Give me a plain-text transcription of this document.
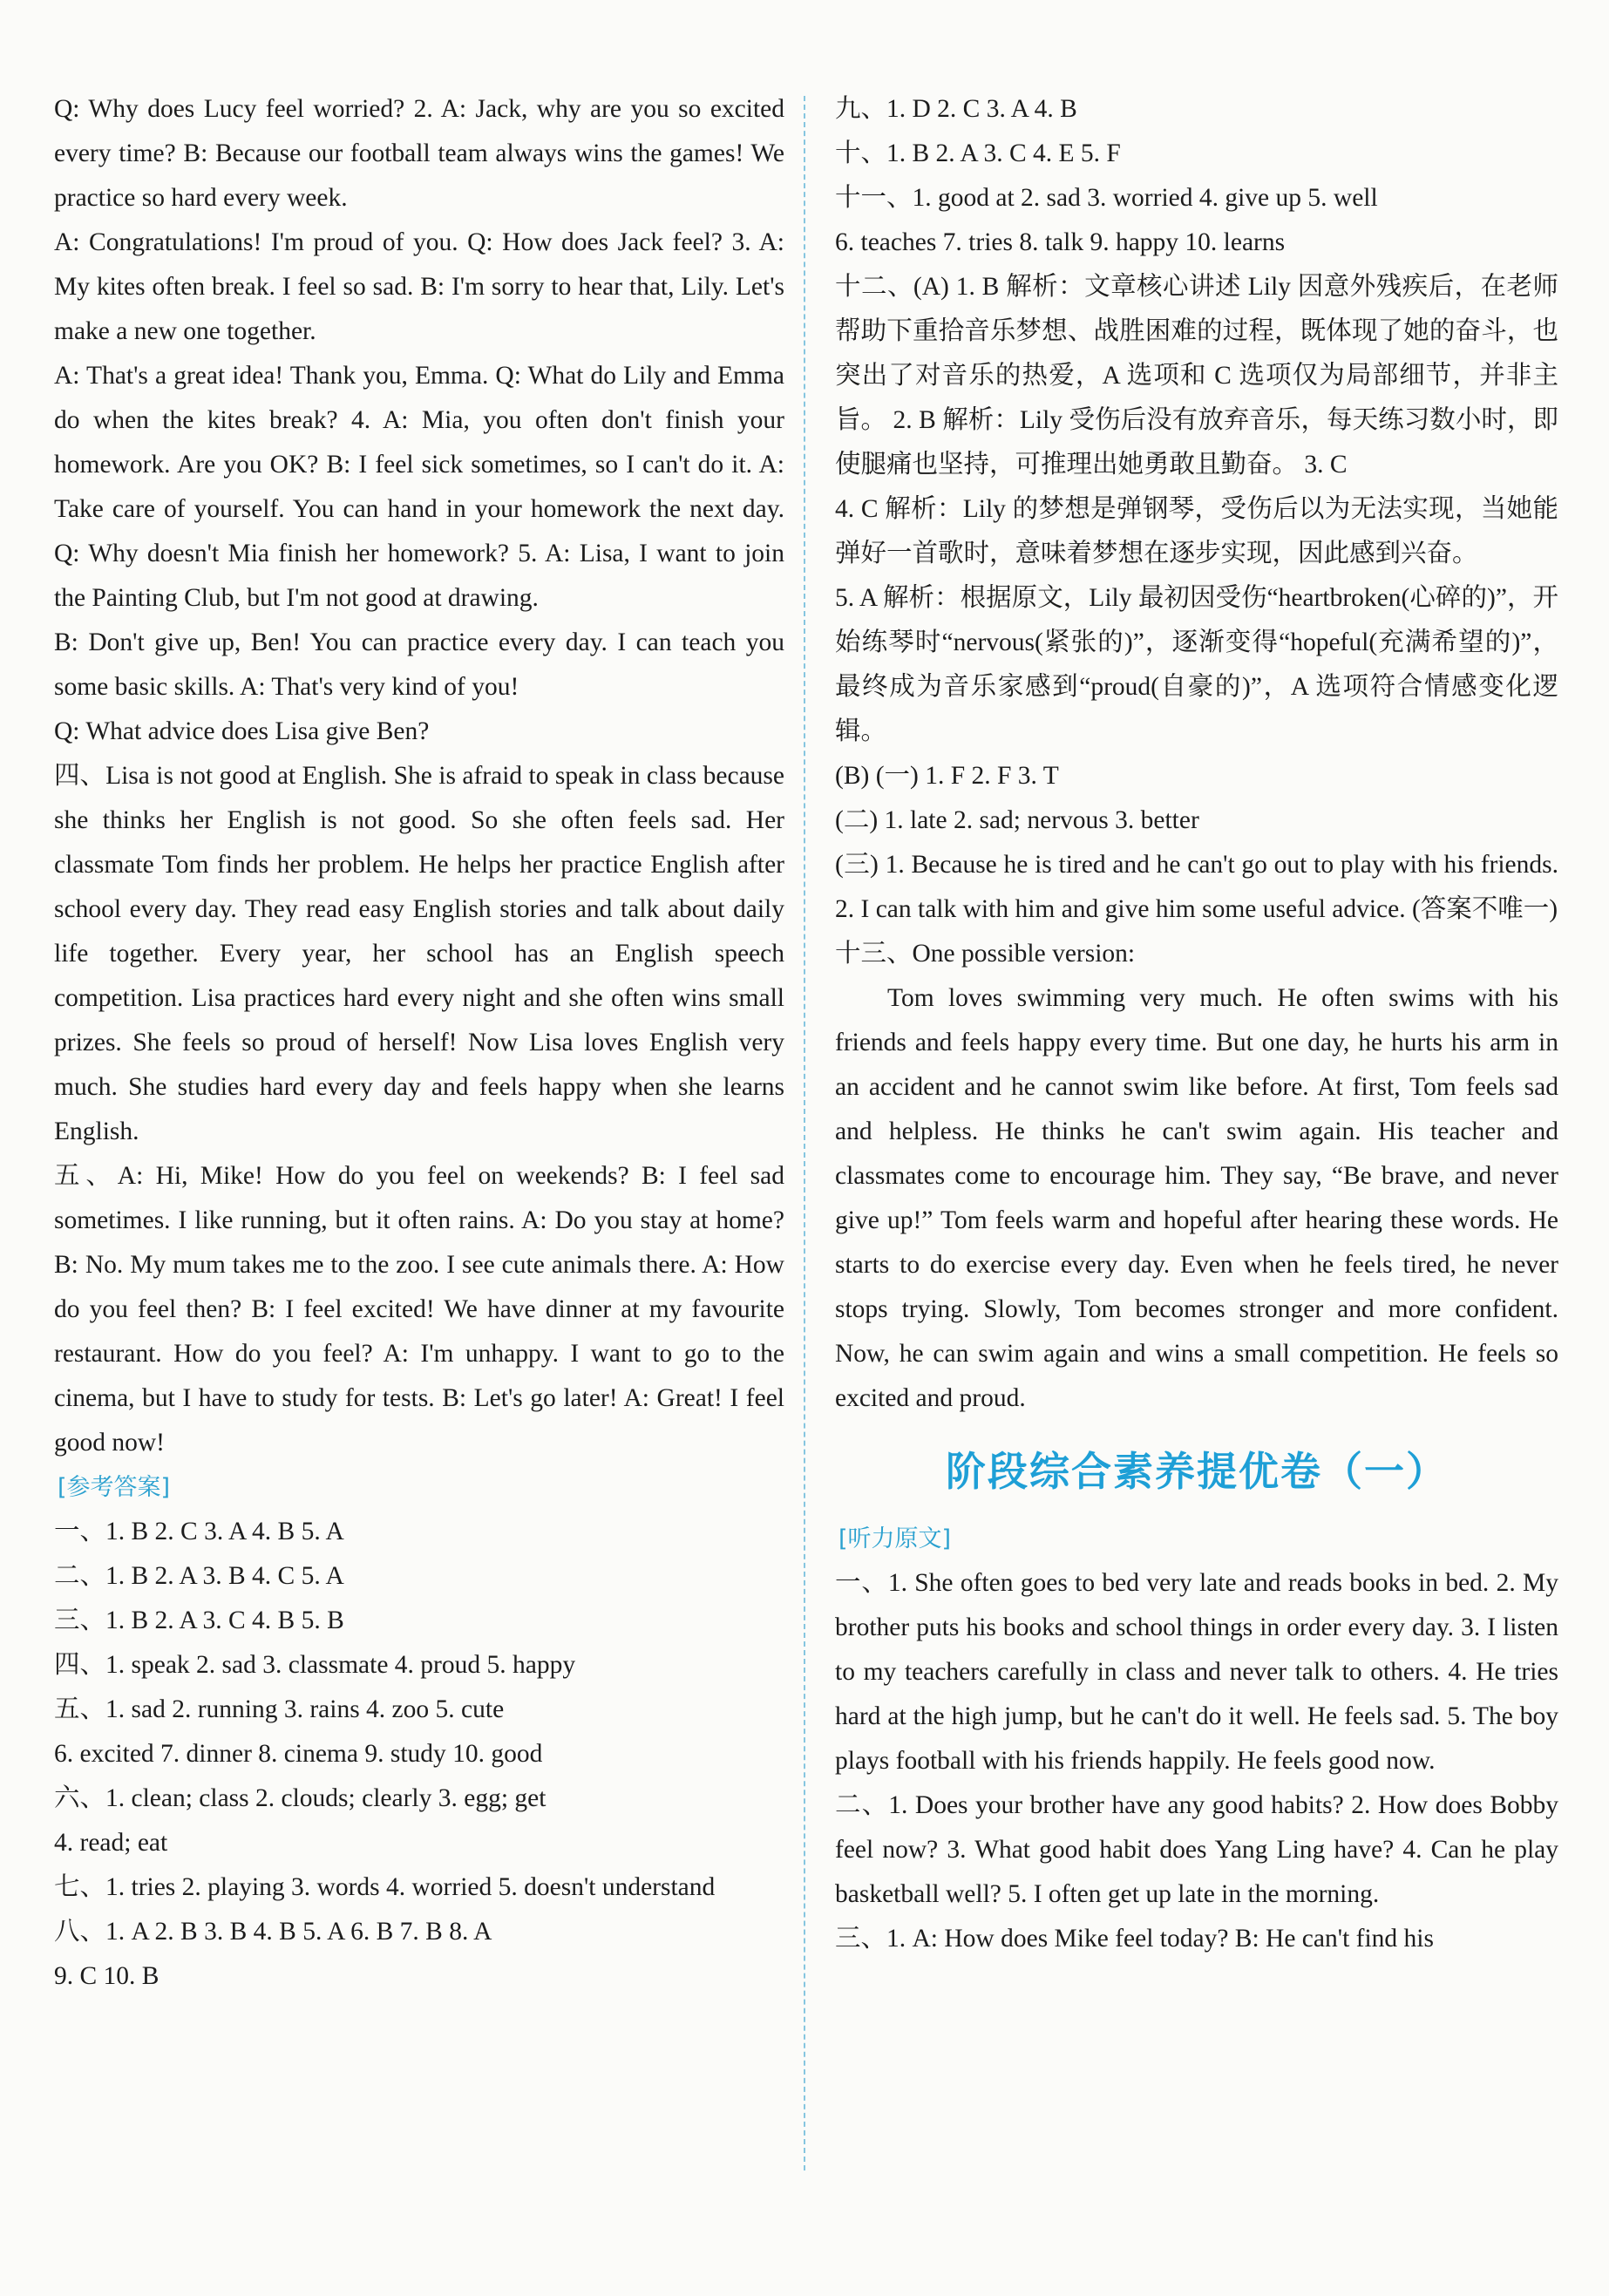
Q: Why does Lucy feel worried? 2. A: Jack, why are you so excited every time? B: Because our football team always wins the games! We practice so hard every week.

A: Congratulations! I'm proud of you. Q: How does Jack feel? 3. A: My kites often break. I feel so sad. B: I'm sorry to hear that, Lily. Let's make a new one together.

A: That's a great idea! Thank you, Emma. Q: What do Lily and Emma do when the kites break? 4. A: Mia, you often don't finish your homework. Are you OK? B: I feel sick sometimes, so I can't do it. A: Take care of yourself. You can hand in your homework the next day. Q: Why doesn't Mia finish her homework? 5. A: Lisa, I want to join the Painting Club, but I'm not good at drawing.

B: Don't give up, Ben! You can practice every day. I can teach you some basic skills. A: That's very kind of you!

Q: What advice does Lisa give Ben?

四、Lisa is not good at English. She is afraid to speak in class because she thinks her English is not good. So she often feels sad. Her classmate Tom finds her problem. He helps her practice English after school every day. They read easy English stories and talk about daily life together. Every year, her school has an English speech competition. Lisa practices hard every night and she often wins small prizes. She feels so proud of herself! Now Lisa loves English very much. She studies hard every day and feels happy when she learns English.

五、A: Hi, Mike! How do you feel on weekends? B: I feel sad sometimes. I like running, but it often rains. A: Do you stay at home? B: No. My mum takes me to the zoo. I see cute animals there. A: How do you feel then? B: I feel excited! We have dinner at my favourite restaurant. How do you feel? A: I'm unhappy. I want to go to the cinema, but I have to study for tests. B: Let's go later! A: Great! I feel good now!

[ 参考答案 ]

一、1. B 2. C 3. A 4. B 5. A

二、1. B 2. A 3. B 4. C 5. A

三、1. B 2. A 3. C 4. B 5. B

四、1. speak 2. sad 3. classmate 4. proud 5. happy

五、1. sad 2. running 3. rains 4. zoo 5. cute

6. excited 7. dinner 8. cinema 9. study 10. good

六、1. clean; class 2. clouds; clearly 3. egg; get

4. read; eat

七、1. tries 2. playing 3. words 4. worried 5. doesn't understand

八、1. A 2. B 3. B 4. B 5. A 6. B 7. B 8. A

9. C 10. B

九、1. D 2. C 3. A 4. B

十、1. B 2. A 3. C 4. E 5. F

十一、1. good at 2. sad 3. worried 4. give up 5. well

6. teaches 7. tries 8. talk 9. happy 10. learns

十二、(A) 1. B 解析：文章核心讲述 Lily 因意外残疾后，在老师帮助下重拾音乐梦想、战胜困难的过程，既体现了她的奋斗，也突出了对音乐的热爱，A 选项和 C 选项仅为局部细节，并非主旨。 2. B 解析：Lily 受伤后没有放弃音乐，每天练习数小时，即使腿痛也坚持，可推理出她勇敢且勤奋。 3. C

4. C 解析：Lily 的梦想是弹钢琴，受伤后以为无法实现，当她能弹好一首歌时，意味着梦想在逐步实现，因此感到兴奋。

5. A 解析：根据原文，Lily 最初因受伤“heartbroken(心碎的)”，开始练琴时“nervous(紧张的)”，逐渐变得“hopeful(充满希望的)”，最终成为音乐家感到“proud(自豪的)”，A 选项符合情感变化逻辑。

(B) (一) 1. F 2. F 3. T

(二) 1. late 2. sad; nervous 3. better

(三) 1. Because he is tired and he can't go out to play with his friends. 2. I can talk with him and give him some useful advice. (答案不唯一)

十三、One possible version:

Tom loves swimming very much. He often swims with his friends and feels happy every time. But one day, he hurts his arm in an accident and he cannot swim like before. At first, Tom feels sad and helpless. He thinks he can't swim again. His teacher and classmates come to encourage him. They say, “Be brave, and never give up!” Tom feels warm and hopeful after hearing these words. He starts to do exercise every day. Even when he feels tired, he never stops trying. Slowly, Tom becomes stronger and more confident. Now, he can swim again and wins a small competition. He feels so excited and proud.

阶段综合素养提优卷（一）
[ 听力原文 ]

一、1. She often goes to bed very late and reads books in bed. 2. My brother puts his books and school things in order every day. 3. I listen to my teachers carefully in class and never talk to others. 4. He tries hard at the high jump, but he can't do it well. He feels sad. 5. The boy plays football with his friends happily. He feels good now.

二、1. Does your brother have any good habits? 2. How does Bobby feel now? 3. What good habit does Yang Ling have? 4. Can he play basketball well? 5. I often get up late in the morning.

三、1. A: How does Mike feel today? B: He can't find his
